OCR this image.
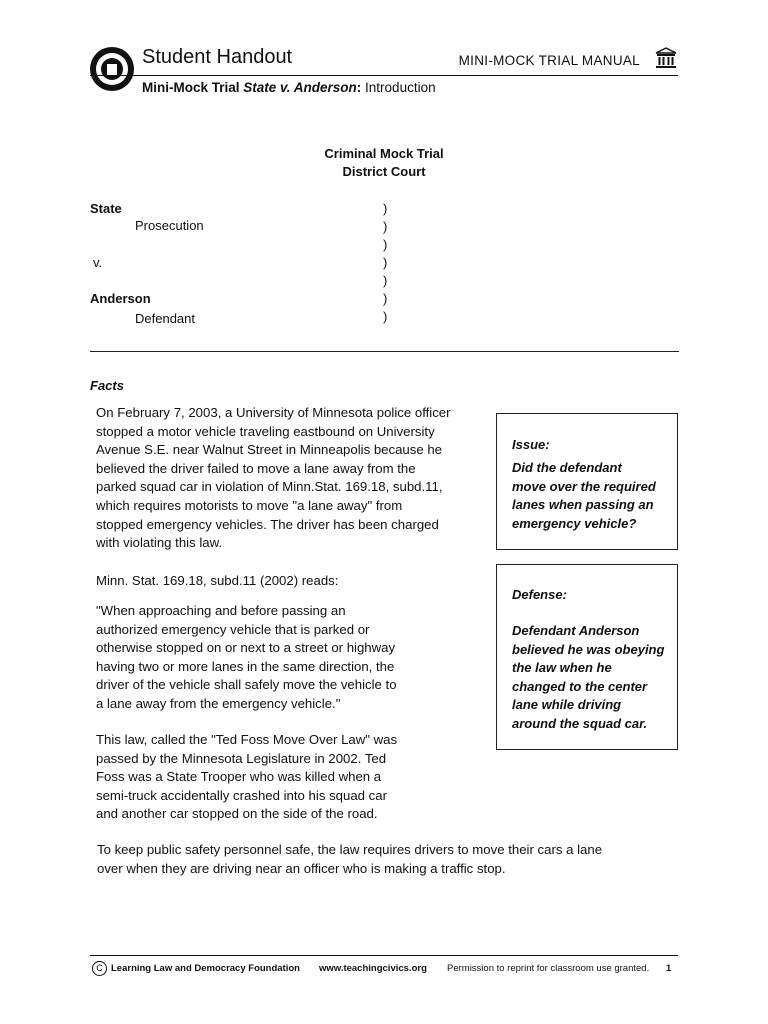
Student Handout	MINI-MOCK TRIAL MANUAL
Mini-Mock Trial State v. Anderson: Introduction
Criminal Mock Trial
District Court
State
Prosecution
v.
Anderson
Defendant
)
)
)
)
)
)
)
Facts
On February 7, 2003, a University of Minnesota police officer
stopped a motor vehicle traveling eastbound on University
Avenue S.E. near Walnut Street in Minneapolis because he
believed the driver failed to move a lane away from the
parked squad car in violation of Minn.Stat. 169.18, subd.11,
which requires motorists to move "a lane away" from
stopped emergency vehicles. The driver has been charged
with violating this law.
Minn. Stat. 169.18, subd.11 (2002) reads:
"When approaching and before passing an
authorized emergency vehicle that is parked or
otherwise stopped on or next to a street or highway
having two or more lanes in the same direction, the
driver of the vehicle shall safely move the vehicle to
a lane away from the emergency vehicle."
This law, called the "Ted Foss Move Over Law" was
passed by the Minnesota Legislature in 2002. Ted
Foss was a State Trooper who was killed when a
semi-truck accidentally crashed into his squad car
and another car stopped on the side of the road.
To keep public safety personnel safe, the law requires drivers to move their cars a lane
over when they are driving near an officer who is making a traffic stop.
Issue:
Did the defendant
move over the required
lanes when passing an
emergency vehicle?
Defense:
Defendant Anderson
believed he was obeying
the law when he
changed to the center
lane while driving
around the squad car.
C Learning Law and Democracy Foundation www.teachingcivics.org Permission to reprint for classroom use granted. 1
